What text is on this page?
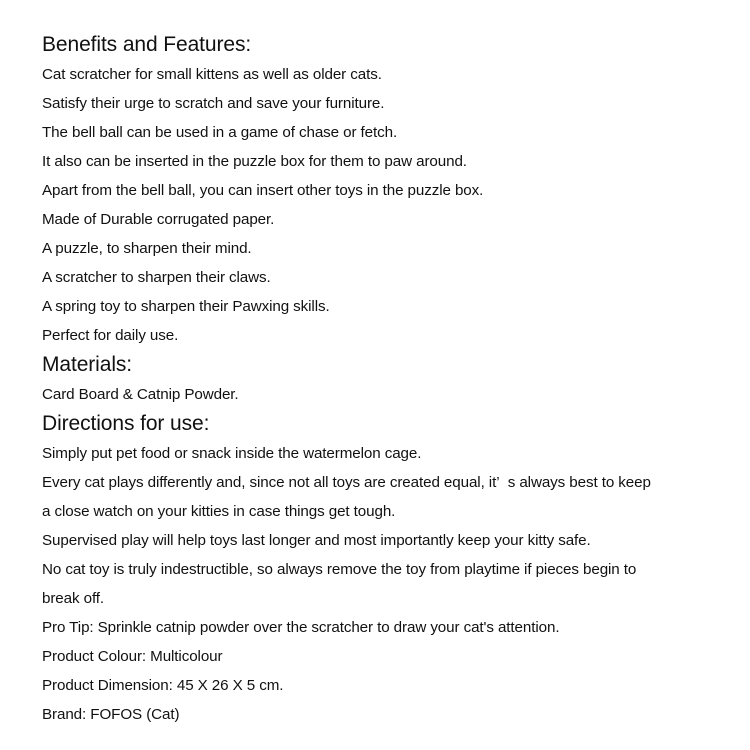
Benefits and Features:
Cat scratcher for small kittens as well as older cats.
Satisfy their urge to scratch and save your furniture.
The bell ball can be used in a game of chase or fetch.
It also can be inserted in the puzzle box for them to paw around.
Apart from the bell ball, you can insert other toys in the puzzle box.
Made of Durable corrugated paper.
A puzzle, to sharpen their mind.
A scratcher to sharpen their claws.
A spring toy to sharpen their Pawxing skills.
Perfect for daily use.
Materials:
Card Board & Catnip Powder.
Directions for use:
Simply put pet food or snack inside the watermelon cage.
Every cat plays differently and, since not all toys are created equal, it’  s always best to keep
a close watch on your kitties in case things get tough.
Supervised play will help toys last longer and most importantly keep your kitty safe.
No cat toy is truly indestructible, so always remove the toy from playtime if pieces begin to
break off.
Pro Tip: Sprinkle catnip powder over the scratcher to draw your cat's attention.
Product Colour: Multicolour
Product Dimension: 45 X 26 X 5 cm.
Brand: FOFOS (Cat)
